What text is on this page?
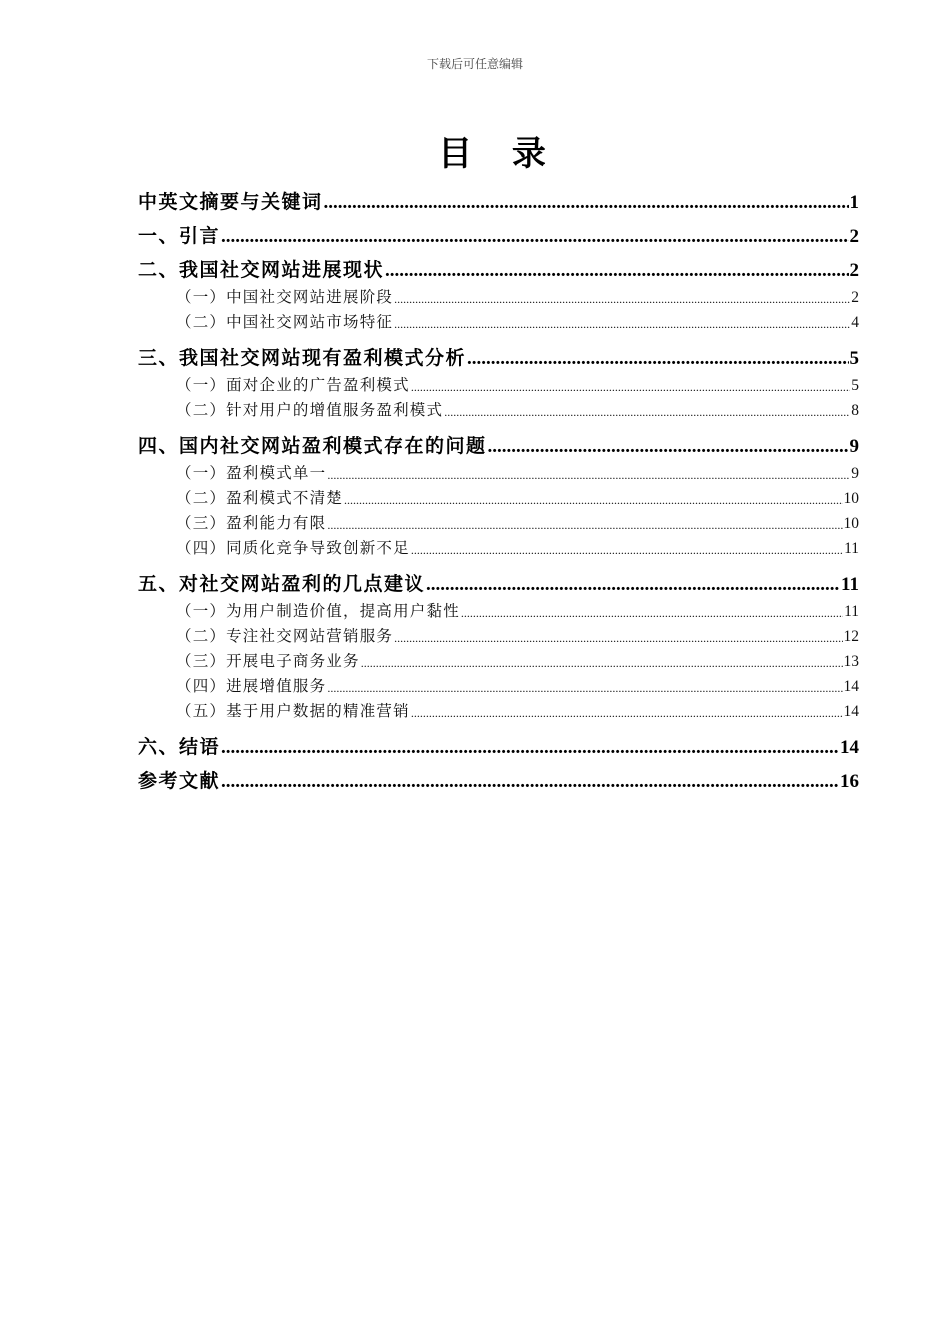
下载后可任意编辑
目 录
中英文摘要与关键词 .....	1
一、引言 .....	2
二、我国社交网站进展现状 .....	2
（一）中国社交网站进展阶段 .....	2
（二）中国社交网站市场特征 .....	4
三、我国社交网站现有盈利模式分析 .....	5
（一）面对企业的广告盈利模式 .....	5
（二）针对用户的增值服务盈利模式 .....	8
四、国内社交网站盈利模式存在的问题 .....	9
（一）盈利模式单一 .....	9
（二）盈利模式不清楚 .....	10
（三）盈利能力有限 .....	10
（四）同质化竞争导致创新不足 .....	11
五、对社交网站盈利的几点建议 .....	11
（一）为用户制造价值，提高用户黏性 .....	11
（二）专注社交网站营销服务 .....	12
（三）开展电子商务业务 .....	13
（四）进展增值服务 .....	14
（五）基于用户数据的精准营销 .....	14
六、结语 .....	14
参考文献 .....	16
